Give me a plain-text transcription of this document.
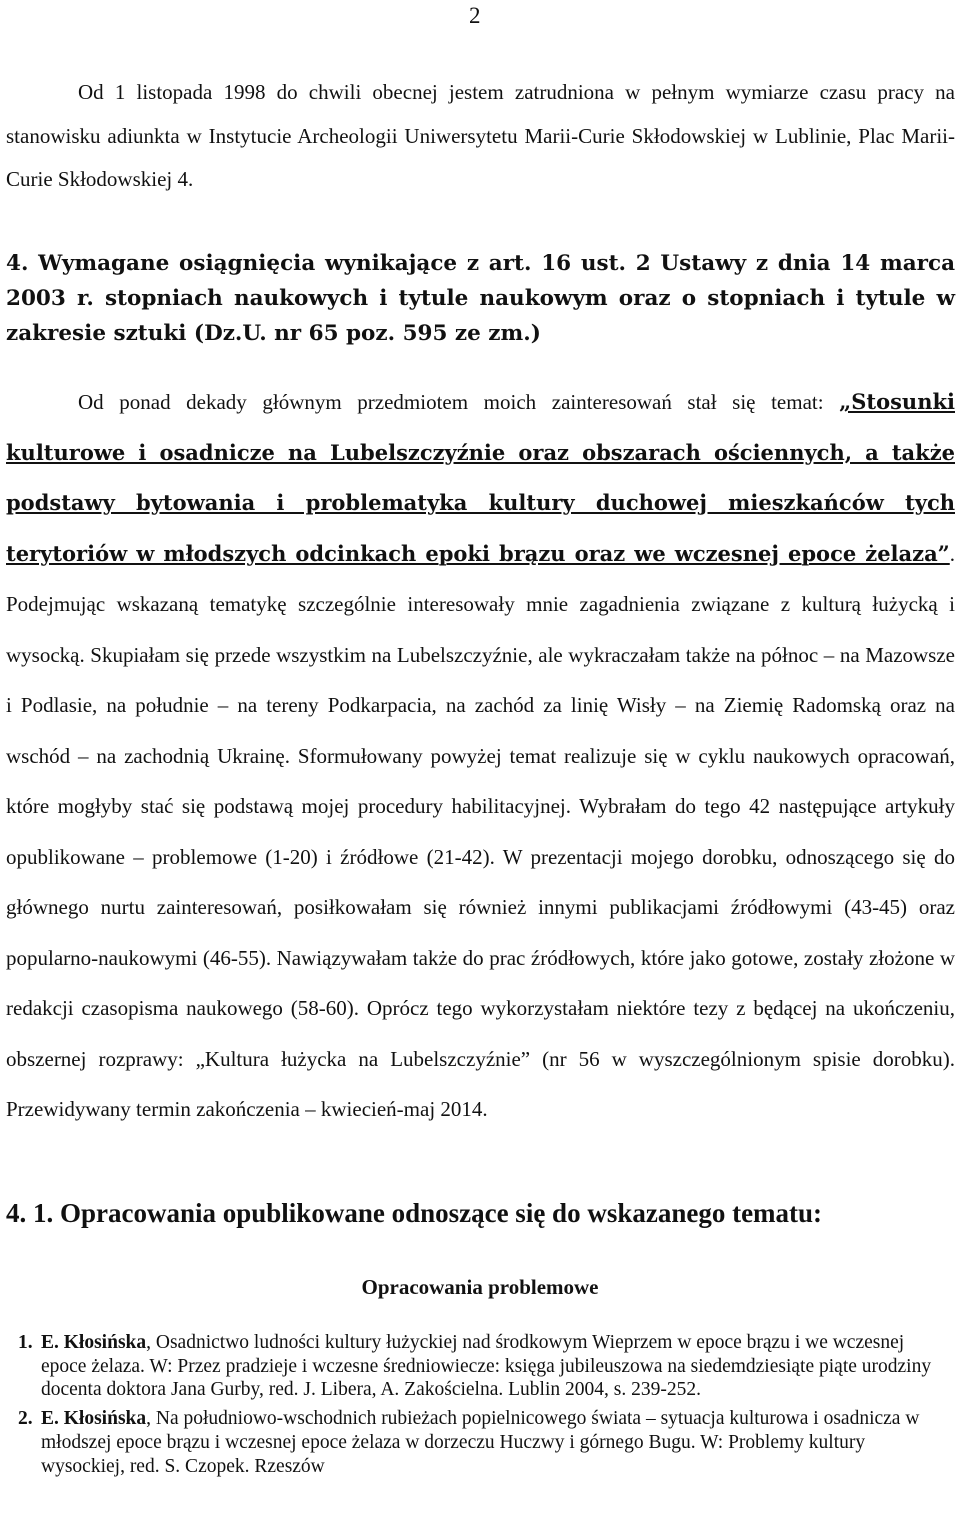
2

Od 1 listopada 1998 do chwili obecnej jestem zatrudniona w pełnym wymiarze czasu pracy na stanowisku adiunkta w Instytucie Archeologii Uniwersytetu Marii-Curie Skłodowskiej w Lublinie, Plac Marii-Curie Skłodowskiej 4.

4. Wymagane osiągnięcia wynikające z art. 16 ust. 2 Ustawy z dnia 14 marca 2003 r. stopniach naukowych i tytule naukowym oraz o stopniach i tytule w zakresie sztuki (Dz.U. nr 65 poz. 595 ze zm.)

Od ponad dekady głównym przedmiotem moich zainteresowań stał się temat: „Stosunki kulturowe i osadnicze na Lubelszczyźnie oraz obszarach ościennych, a także podstawy bytowania i problematyka kultury duchowej mieszkańców tych terytoriów w młodszych odcinkach epoki brązu oraz we wczesnej epoce żelaza”. Podejmując wskazaną tematykę szczególnie interesowały mnie zagadnienia związane z kulturą łużycką i wysocką. Skupiałam się przede wszystkim na Lubelszczyźnie, ale wykraczałam także na północ – na Mazowsze i Podlasie, na południe – na tereny Podkarpacia, na zachód za linię Wisły – na Ziemię Radomską oraz na wschód – na zachodnią Ukrainę. Sformułowany powyżej temat realizuje się w cyklu naukowych opracowań, które mogłyby stać się podstawą mojej procedury habilitacyjnej. Wybrałam do tego 42 następujące artykuły opublikowane – problemowe (1-20) i źródłowe (21-42). W prezentacji mojego dorobku, odnoszącego się do głównego nurtu zainteresowań, posiłkowałam się również innymi publikacjami źródłowymi (43-45) oraz popularno-naukowymi (46-55). Nawiązywałam także do prac źródłowych, które jako gotowe, zostały złożone w redakcji czasopisma naukowego (58-60). Oprócz tego wykorzystałam niektóre tezy z będącej na ukończeniu, obszernej rozprawy: „Kultura łużycka na Lubelszczyźnie” (nr 56 w wyszczególnionym spisie dorobku). Przewidywany termin zakończenia – kwiecień-maj 2014.

4. 1. Opracowania opublikowane odnoszące się do wskazanego tematu:
Opracowania problemowe
1. E. Kłosińska, Osadnictwo ludności kultury łużyckiej nad środkowym Wieprzem w epoce brązu i we wczesnej epoce żelaza. W: Przez pradzieje i wczesne średniowiecze: księga jubileuszowa na siedemdziesiąte piąte urodziny docenta doktora Jana Gurby, red. J. Libera, A. Zakościelna. Lublin 2004, s. 239-252.
2. E. Kłosińska, Na południowo-wschodnich rubieżach popielnicowego świata – sytuacja kulturowa i osadnicza w młodszej epoce brązu i wczesnej epoce żelaza w dorzeczu Huczwy i górnego Bugu. W: Problemy kultury wysockiej, red. S. Czopek. Rzeszów
